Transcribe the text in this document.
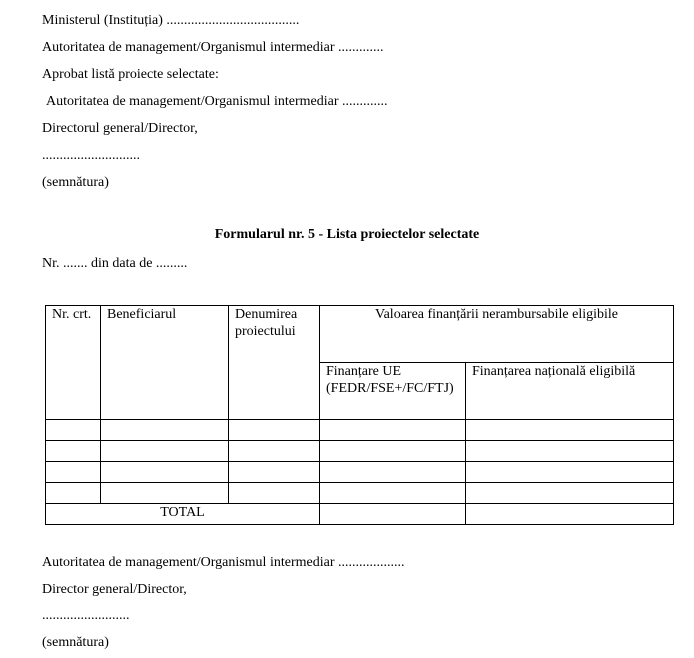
Ministerul (Instituția) ......................................
Autoritatea de management/Organismul intermediar .............
Aprobat listă proiecte selectate:
Autoritatea de management/Organismul intermediar .............
Directorul general/Director,
............................
(semnătura)
Formularul nr. 5 - Lista proiectelor selectate
Nr. ....... din data de .........
Nr. crt.	Beneficiarul	Denumirea proiectului	Valoarea finanțării nerambursabile eligibile	
			Finanțare UE (FEDR/FSE+/FC/FTJ)	Finanțarea națională eligibilă

TOTAL				
Autoritatea de management/Organismul intermediar ...................
Director general/Director,
.........................
(semnătura)
